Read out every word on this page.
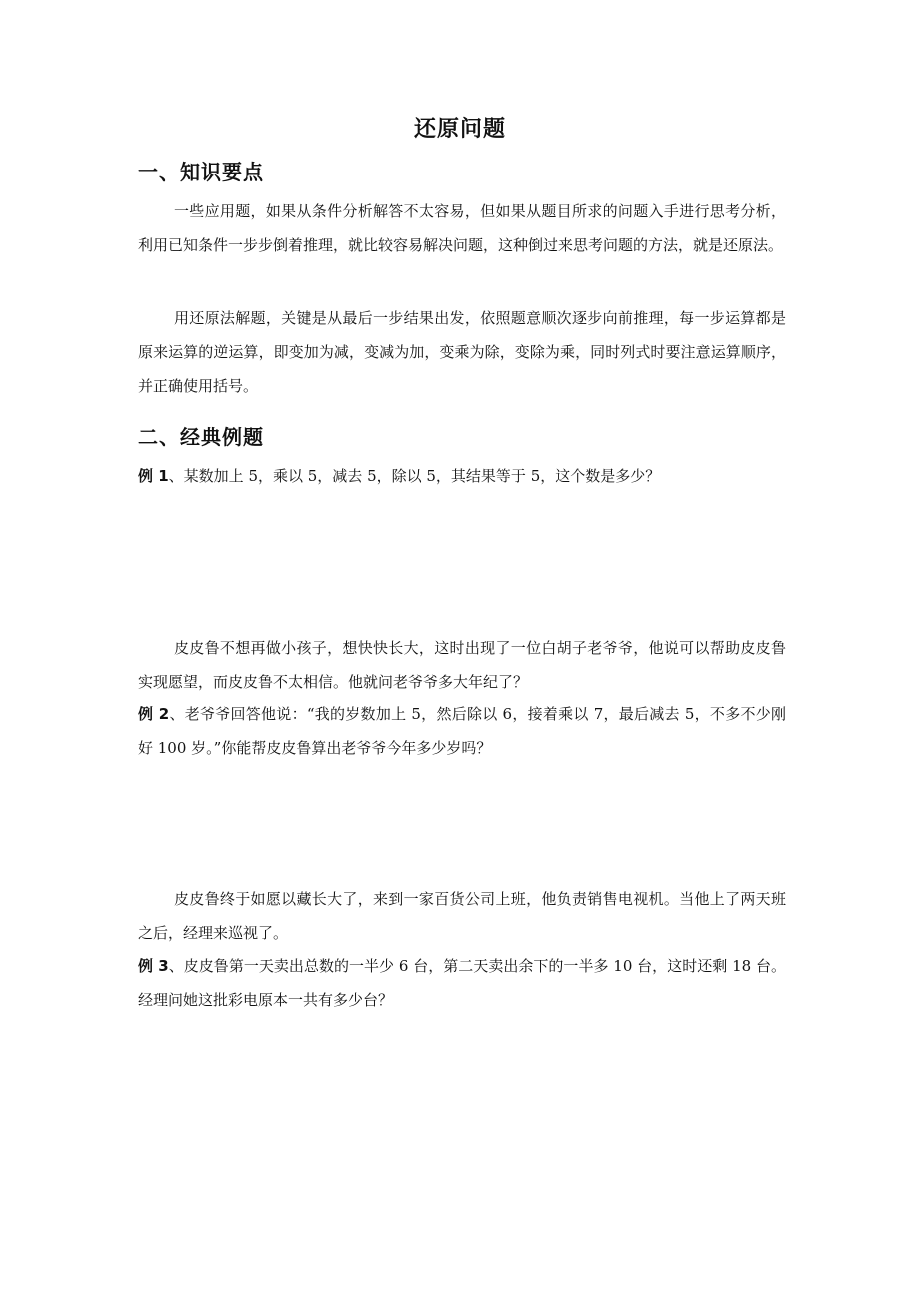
还原问题
一、知识要点

一些应用题，如果从条件分析解答不太容易，但如果从题目所求的问题入手进行思考分析，利用已知条件一步步倒着推理，就比较容易解决问题，这种倒过来思考问题的方法，就是还原法。

用还原法解题，关键是从最后一步结果出发，依照题意顺次逐步向前推理，每一步运算都是原来运算的逆运算，即变加为减，变减为加，变乘为除，变除为乘，同时列式时要注意运算顺序，并正确使用括号。

二、经典例题

例 1、某数加上 5，乘以 5，减去 5，除以 5，其结果等于 5，这个数是多少？

皮皮鲁不想再做小孩子，想快快长大，这时出现了一位白胡子老爷爷，他说可以帮助皮皮鲁实现愿望，而皮皮鲁不太相信。他就问老爷爷多大年纪了？

例 2、老爷爷回答他说：“我的岁数加上 5，然后除以 6，接着乘以 7，最后减去 5，不多不少刚好 100 岁。”你能帮皮皮鲁算出老爷爷今年多少岁吗？

皮皮鲁终于如愿以藏长大了，来到一家百货公司上班，他负责销售电视机。当他上了两天班之后，经理来巡视了。

例 3、皮皮鲁第一天卖出总数的一半少 6 台，第二天卖出余下的一半多 10 台，这时还剩 18 台。经理问她这批彩电原本一共有多少台？
